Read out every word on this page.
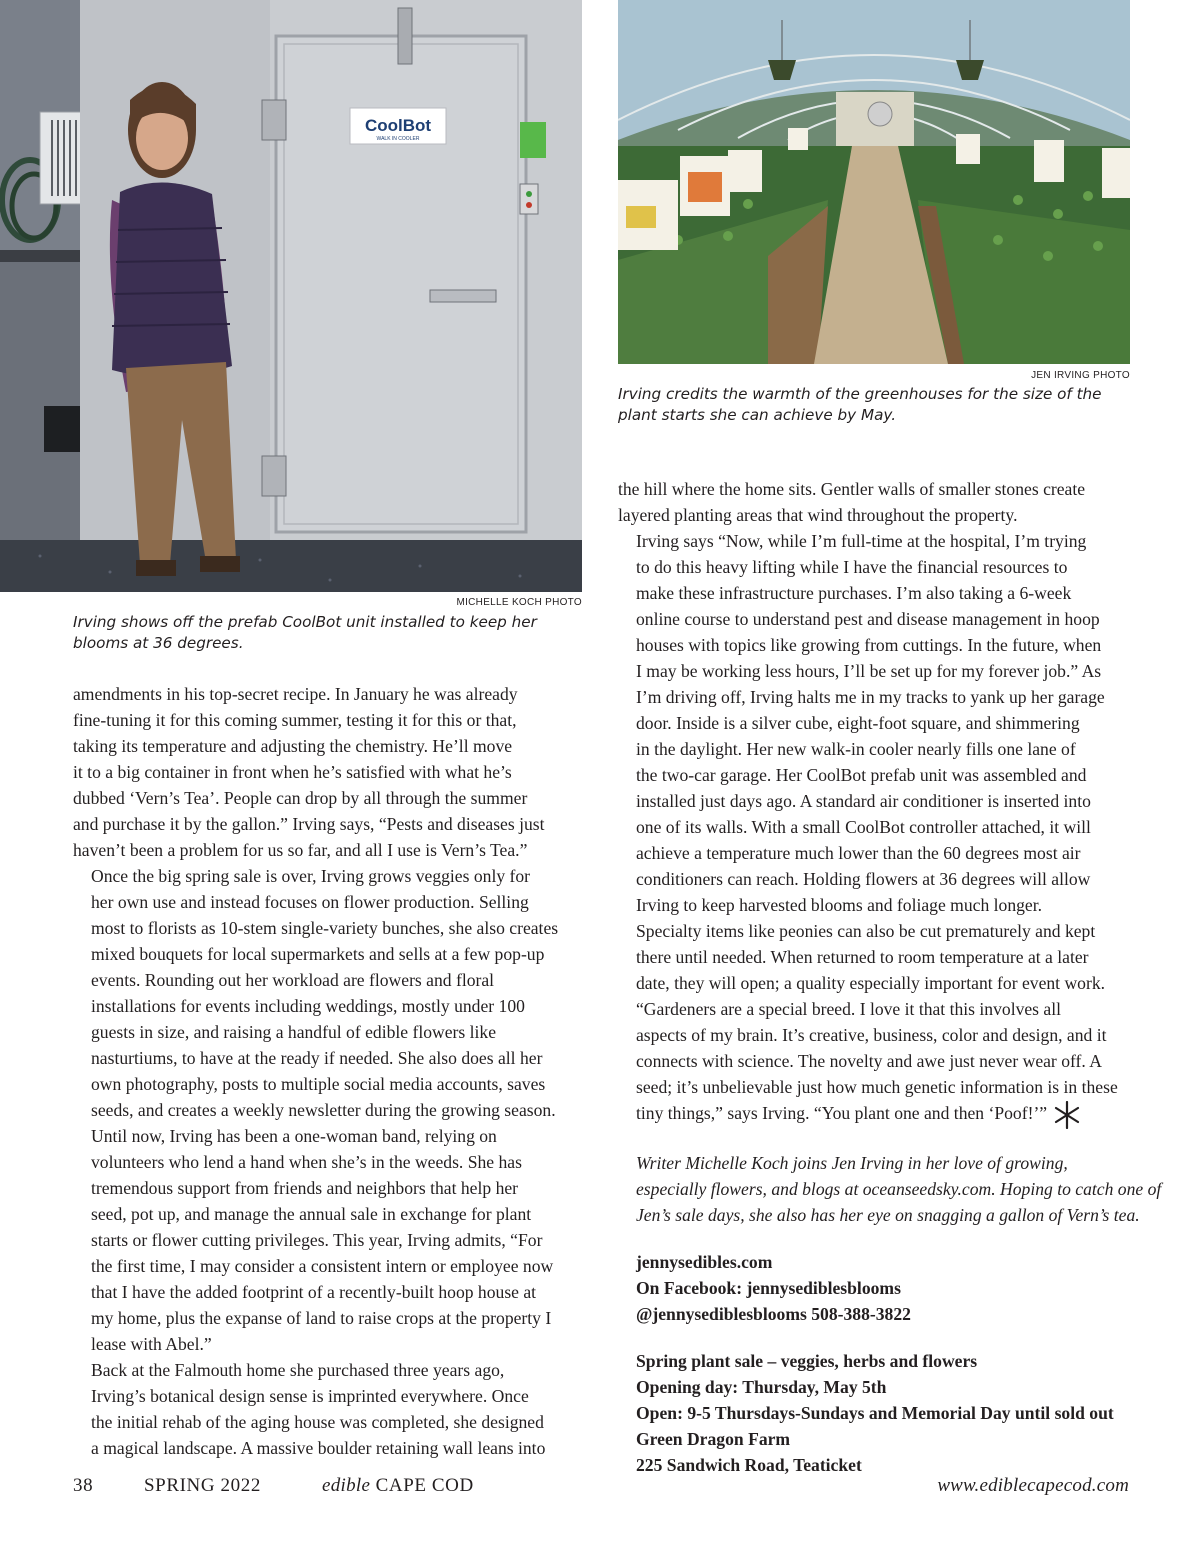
CoolBot
WALK IN COOLER
MICHELLE KOCH PHOTO
Irving shows off the prefab CoolBot unit installed to keep her
blooms at 36 degrees.
JEN IRVING PHOTO
Irving credits the warmth of the greenhouses for the size of the
plant starts she can achieve by May.

amendments in his top-secret recipe. In January he was already
fine-tuning it for this coming summer, testing it for this or that,
taking its temperature and adjusting the chemistry. He’ll move
it to a big container in front when he’s satisfied with what he’s
dubbed ‘Vern’s Tea’. People can drop by all through the summer
and purchase it by the gallon.” Irving says, “Pests and diseases just
haven’t been a problem for us so far, and all I use is Vern’s Tea.”

Once the big spring sale is over, Irving grows veggies only for
her own use and instead focuses on flower production. Selling
most to florists as 10-stem single-variety bunches, she also creates
mixed bouquets for local supermarkets and sells at a few pop-up
events. Rounding out her workload are flowers and floral
installations for events including weddings, mostly under 100
guests in size, and raising a handful of edible flowers like
nasturtiums, to have at the ready if needed. She also does all her
own photography, posts to multiple social media accounts, saves
seeds, and creates a weekly newsletter during the growing season.

Until now, Irving has been a one-woman band, relying on
volunteers who lend a hand when she’s in the weeds. She has
tremendous support from friends and neighbors that help her
seed, pot up, and manage the annual sale in exchange for plant
starts or flower cutting privileges. This year, Irving admits, “For
the first time, I may consider a consistent intern or employee now
that I have the added footprint of a recently-built hoop house at
my home, plus the expanse of land to raise crops at the property I
lease with Abel.”

Back at the Falmouth home she purchased three years ago,
Irving’s botanical design sense is imprinted everywhere. Once
the initial rehab of the aging house was completed, she designed
a magical landscape. A massive boulder retaining wall leans into

the hill where the home sits. Gentler walls of smaller stones create
layered planting areas that wind throughout the property.

Irving says “Now, while I’m full-time at the hospital, I’m trying
to do this heavy lifting while I have the financial resources to
make these infrastructure purchases. I’m also taking a 6-week
online course to understand pest and disease management in hoop
houses with topics like growing from cuttings. In the future, when
I may be working less hours, I’ll be set up for my forever job.” As
I’m driving off, Irving halts me in my tracks to yank up her garage
door. Inside is a silver cube, eight-foot square, and shimmering
in the daylight. Her new walk-in cooler nearly fills one lane of
the two-car garage. Her CoolBot prefab unit was assembled and
installed just days ago. A standard air conditioner is inserted into
one of its walls. With a small CoolBot controller attached, it will
achieve a temperature much lower than the 60 degrees most air
conditioners can reach. Holding flowers at 36 degrees will allow
Irving to keep harvested blooms and foliage much longer.
Specialty items like peonies can also be cut prematurely and kept
there until needed. When returned to room temperature at a later
date, they will open; a quality especially important for event work.

“Gardeners are a special breed. I love it that this involves all
aspects of my brain. It’s creative, business, color and design, and it
connects with science. The novelty and awe just never wear off. A
seed; it’s unbelievable just how much genetic information is in these
tiny things,” says Irving. “You plant one and then ‘Poof!’”

Writer Michelle Koch joins Jen Irving in her love of growing,
especially flowers, and blogs at oceanseedsky.com. Hoping to catch one of
Jen’s sale days, she also has her eye on snagging a gallon of Vern’s tea.

jennysedibles.com
On Facebook: jennysediblesblooms
@jennysediblesblooms 508-388-3822

Spring plant sale – veggies, herbs and flowers
Opening day: Thursday, May 5th
Open: 9-5 Thursdays-Sundays and Memorial Day until sold out
Green Dragon Farm
225 Sandwich Road, Teaticket

38	SPRING 2022	edible CAPE COD	www.ediblecapecod.com
